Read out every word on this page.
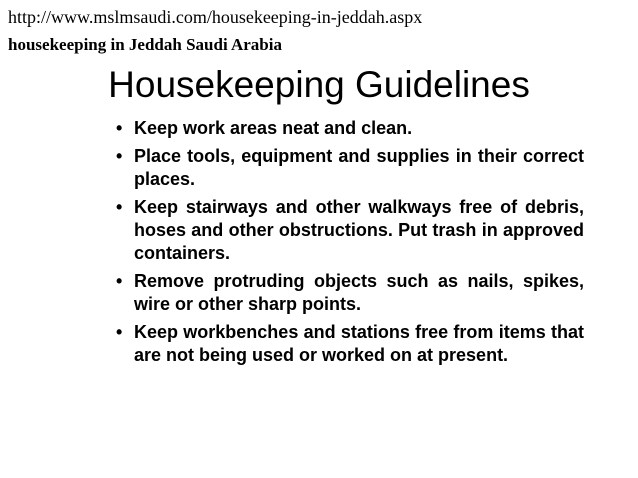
http://www.mslmsaudi.com/housekeeping-in-jeddah.aspx
housekeeping in Jeddah Saudi Arabia
Housekeeping Guidelines
• Keep work areas neat and clean.
• Place tools, equipment and supplies in their correct places.
• Keep stairways and other walkways free of debris, hoses and other obstructions. Put trash in approved containers.
• Remove protruding objects such as nails, spikes, wire or other sharp points.
• Keep workbenches and stations free from items that are not being used or worked on at present.
